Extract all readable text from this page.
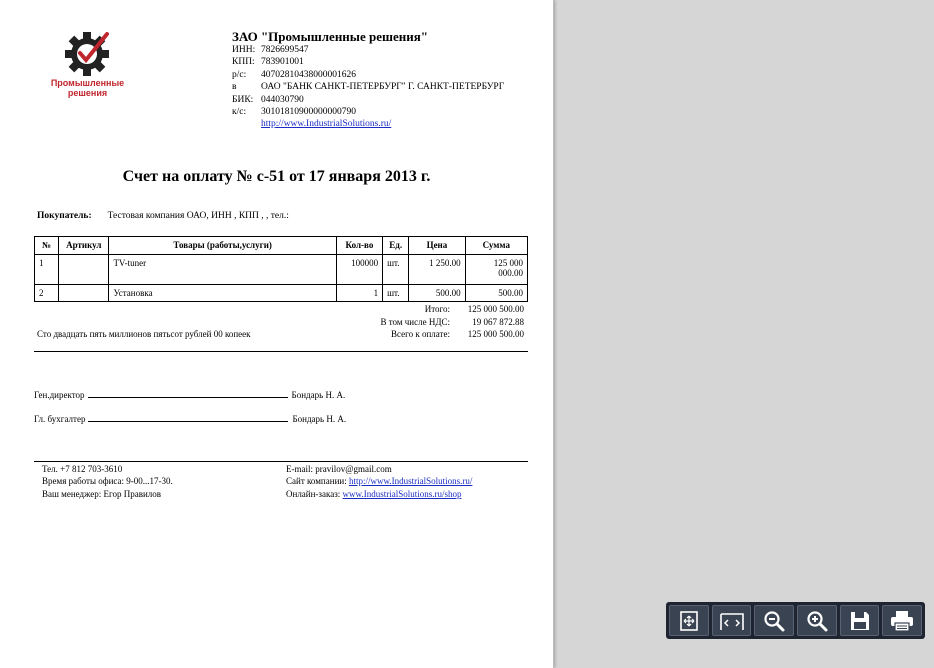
Промышленные
решения
ЗАО "Промышленные решения"
ИНН: 7826699547
КПП: 783901001
р/с:	40702810438000001626
в	ОАО "БАНК САНКТ-ПЕТЕРБУРГ" Г. САНКТ-ПЕТЕРБУРГ
БИК: 044030790
к/с:	30101810900000000790
http://www.IndustrialSolutions.ru/
Счет на оплату № с-51 от 17 января 2013 г.
Покупатель: Тестовая компания ОАО, ИНН , КПП , , тел.:
№	Артикул	Товары (работы,услуги)	Кол-во	Ед.	Цена	Сумма
1		TV-tuner	100000	шт.	1 250.00	125 000 000.00
2		Установка	1	шт.	500.00	500.00
Итого:	125 000 500.00
В том числе НДС:	19 067 872.88
Всего к оплате:	125 000 500.00
Сто двадцать пять миллионов пятьсот рублей 00 копеек
Ген.директор	Бондарь Н. А.
Гл. бухгалтер	Бондарь Н. А.
Тел. +7 812 703-3610
Время работы офиса: 9-00...17-30.
Ваш менеджер: Егор Правилов
E-mail: pravilov@gmail.com
Сайт компании: http://www.IndustrialSolutions.ru/
Онлайн-заказ: www.IndustrialSolutions.ru/shop
